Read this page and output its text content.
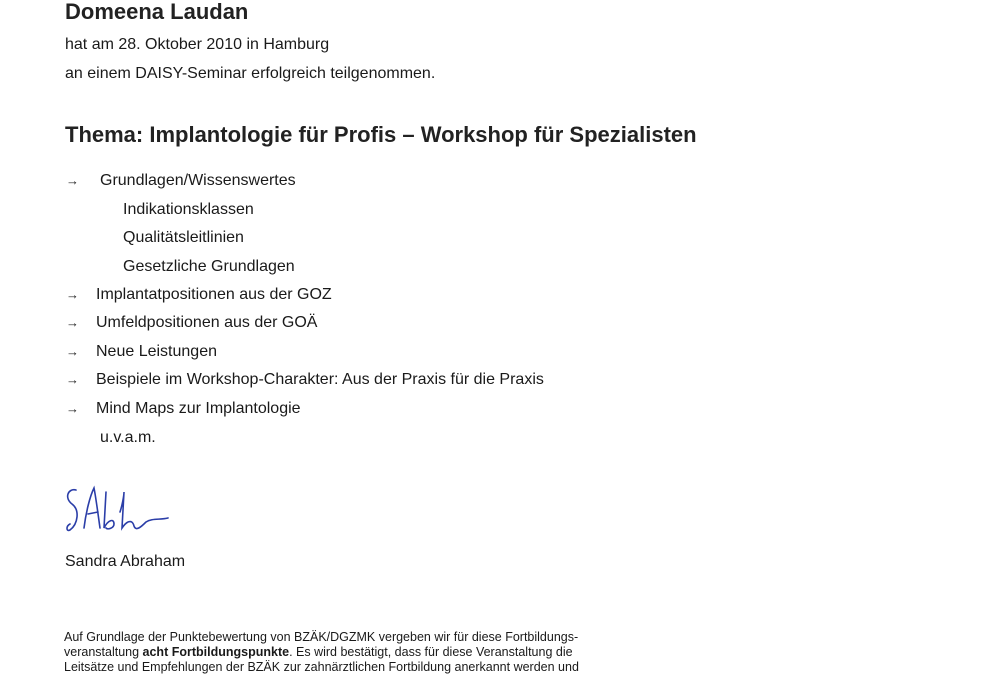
Domeena Laudan
hat am 28. Oktober 2010 in Hamburg
an einem DAISY-Seminar erfolgreich teilgenommen.
Thema: Implantologie für Profis – Workshop für Spezialisten
→ Grundlagen/Wissenswertes
Indikationsklassen
Qualitätsleitlinien
Gesetzliche Grundlagen
→ Implantatpositionen aus der GOZ
→ Umfeldpositionen aus der GOÄ
→ Neue Leistungen
→ Beispiele im Workshop-Charakter: Aus der Praxis für die Praxis
→ Mind Maps zur Implantologie
u.v.a.m.
Sandra Abraham
Auf Grundlage der Punktebewertung von BZÄK/DGZMK vergeben wir für diese Fortbildungs-veranstaltung acht Fortbildungspunkte. Es wird bestätigt, dass für diese Veranstaltung die Leitsätze und Empfehlungen der BZÄK zur zahnärztlichen Fortbildung anerkannt werden und
